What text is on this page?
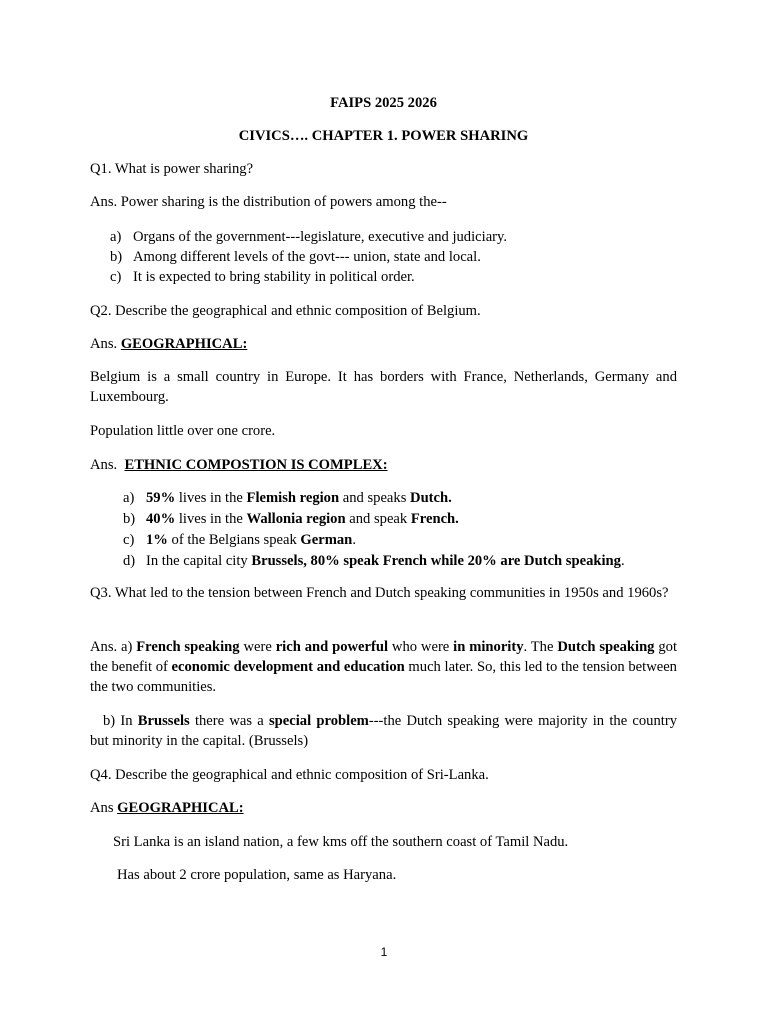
FAIPS 2025 2026
CIVICS…. CHAPTER 1. POWER SHARING
Q1. What is power sharing?
Ans. Power sharing is the distribution of powers among the--
a) Organs of the government---legislature, executive and judiciary.
b) Among different levels of the govt--- union, state and local.
c) It is expected to bring stability in political order.
Q2. Describe the geographical and ethnic composition of Belgium.
Ans. GEOGRAPHICAL:
Belgium is a small country in Europe. It has borders with France, Netherlands, Germany and Luxembourg.
Population little over one crore.
Ans. ETHNIC COMPOSTION IS COMPLEX:
a) 59% lives in the Flemish region and speaks Dutch.
b) 40% lives in the Wallonia region and speak French.
c) 1% of the Belgians speak German.
d) In the capital city Brussels, 80% speak French while 20% are Dutch speaking.
Q3. What led to the tension between French and Dutch speaking communities in 1950s and 1960s?
Ans. a) French speaking were rich and powerful who were in minority. The Dutch speaking got the benefit of economic development and education much later. So, this led to the tension between the two communities.
b) In Brussels there was a special problem---the Dutch speaking were majority in the country but minority in the capital. (Brussels)
Q4. Describe the geographical and ethnic composition of Sri-Lanka.
Ans GEOGRAPHICAL:
Sri Lanka is an island nation, a few kms off the southern coast of Tamil Nadu.
Has about 2 crore population, same as Haryana.
1
